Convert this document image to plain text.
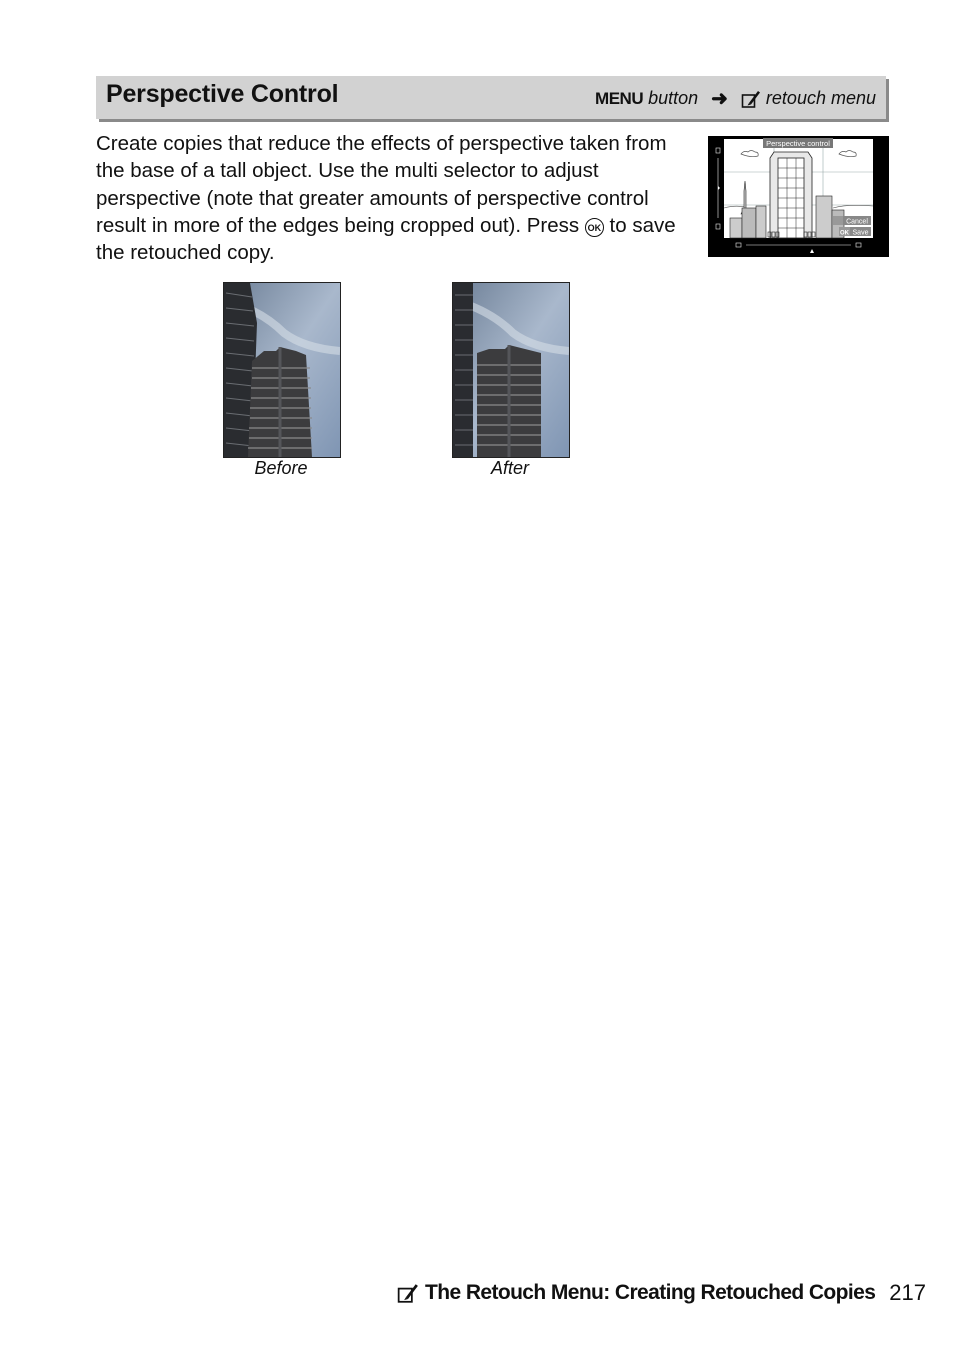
Perspective Control	MENU button ➜ retouch menu

Create copies that reduce the effects of perspective taken from the base of a tall object. Use the multi selector to adjust perspective (note that greater amounts of perspective control result in more of the edges being cropped out). Press OK to save the retouched copy.

Perspective control
Cancel
OK Save
Before	After
The Retouch Menu: Creating Retouched Copies 217
